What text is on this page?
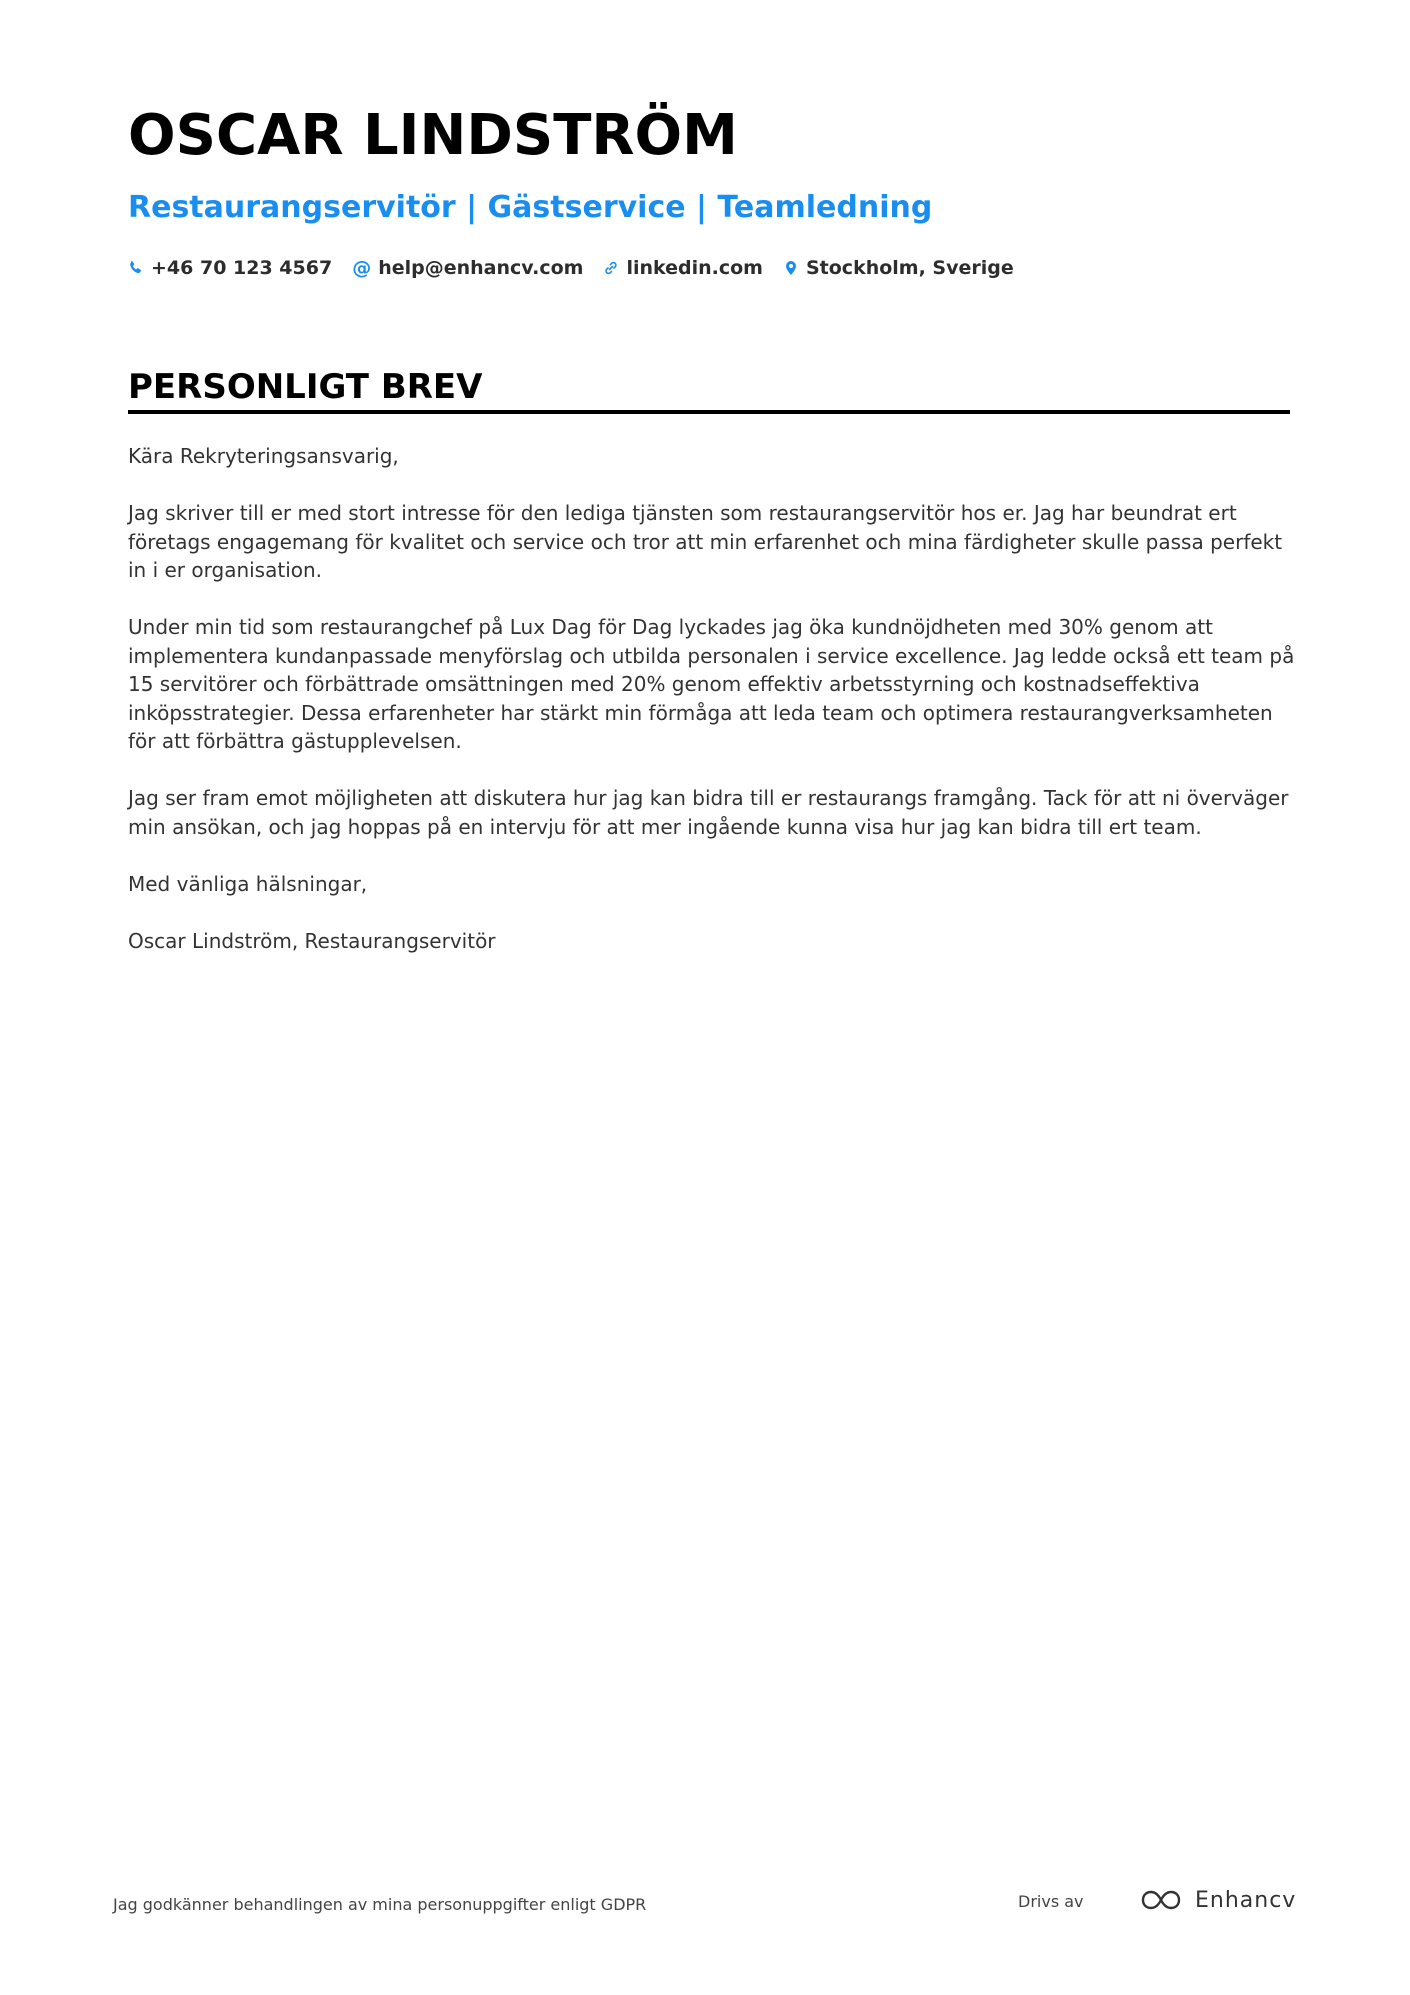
OSCAR LINDSTRÖM
Restaurangservitör | Gästservice | Teamledning
+46 70 123 4567 @ help@enhancv.com linkedin.com Stockholm, Sverige
PERSONLIGT BREV

Kära Rekryteringsansvarig,

Jag skriver till er med stort intresse för den lediga tjänsten som restaurangservitör hos er. Jag har beundrat ert företags engagemang för kvalitet och service och tror att min erfarenhet och mina färdigheter skulle passa perfekt in i er organisation.

Under min tid som restaurangchef på Lux Dag för Dag lyckades jag öka kundnöjdheten med 30% genom att implementera kundanpassade menyförslag och utbilda personalen i service excellence. Jag ledde också ett team på 15 servitörer och förbättrade omsättningen med 20% genom effektiv arbetsstyrning och kostnadseffektiva inköpsstrategier. Dessa erfarenheter har stärkt min förmåga att leda team och optimera restaurangverksamheten för att förbättra gästupplevelsen.

Jag ser fram emot möjligheten att diskutera hur jag kan bidra till er restaurangs framgång. Tack för att ni överväger min ansökan, och jag hoppas på en intervju för att mer ingående kunna visa hur jag kan bidra till ert team.

Med vänliga hälsningar,

Oscar Lindström, Restaurangservitör

Jag godkänner behandlingen av mina personuppgifter enligt GDPR	Drivs av	Enhancv
